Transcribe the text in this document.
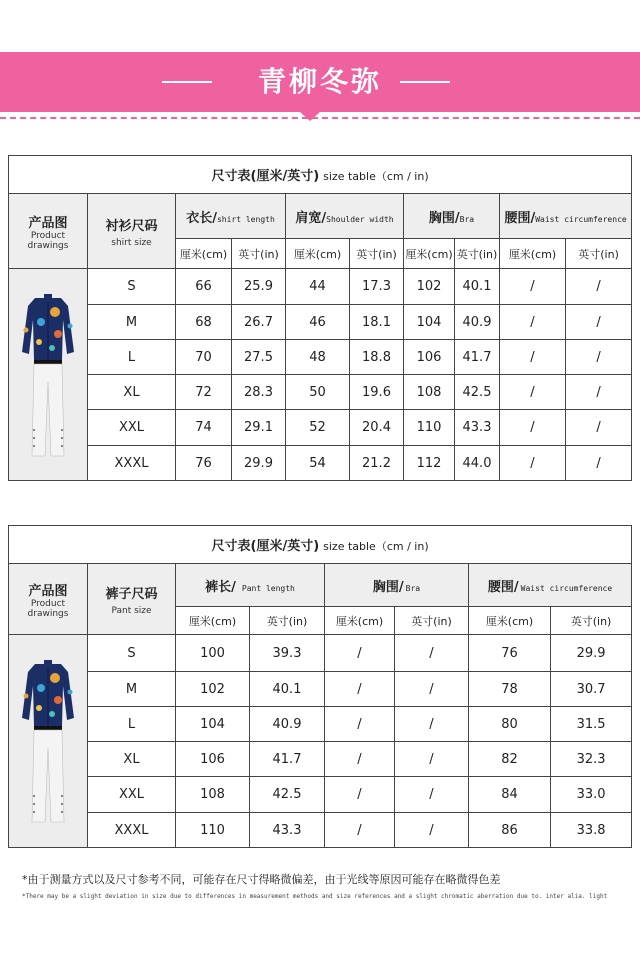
青柳冬弥
尺寸表(厘米/英寸) size table（cm / in)									

产品图
Product
drawings	衬衫尺码
shirt size	衣长/shirt length		肩宽/Shoulder width		胸围/Bra		腰围/Waist circumference	
		厘米(cm)	英寸(in)	厘米(cm)	英寸(in)	厘米(cm)	英寸(in)	厘米(cm)	英寸(in)

	S	66	25.9	44	17.3	102	40.1	/	/
	M	68	26.7	46	18.1	104	40.9	/	/
	L	70	27.5	48	18.8	106	41.7	/	/
	XL	72	28.3	50	19.6	108	42.5	/	/
	XXL	74	29.1	52	20.4	110	43.3	/	/
	XXXL	76	29.9	54	21.2	112	44.0	/	/
尺寸表(厘米/英寸) size table（cm / in)							

产品图
Product
drawings	裤子尺码
Pant size	裤长/ Pant length		胸围/ Bra		腰围/ Waist circumference	
		厘米(cm)	英寸(in)	厘米(cm)	英寸(in)	厘米(cm)	英寸(in)

	S	100	39.3	/	/	76	29.9
	M	102	40.1	/	/	78	30.7
	L	104	40.9	/	/	80	31.5
	XL	106	41.7	/	/	82	32.3
	XXL	108	42.5	/	/	84	33.0
	XXXL	110	43.3	/	/	86	33.8
*由于测量方式以及尺寸参考不同，可能存在尺寸得略微偏差，由于光线等原因可能存在略微得色差
*There may be a slight deviation in size due to differences in measurement methods and size references and a slight chromatic aberration due to. inter alia. light
